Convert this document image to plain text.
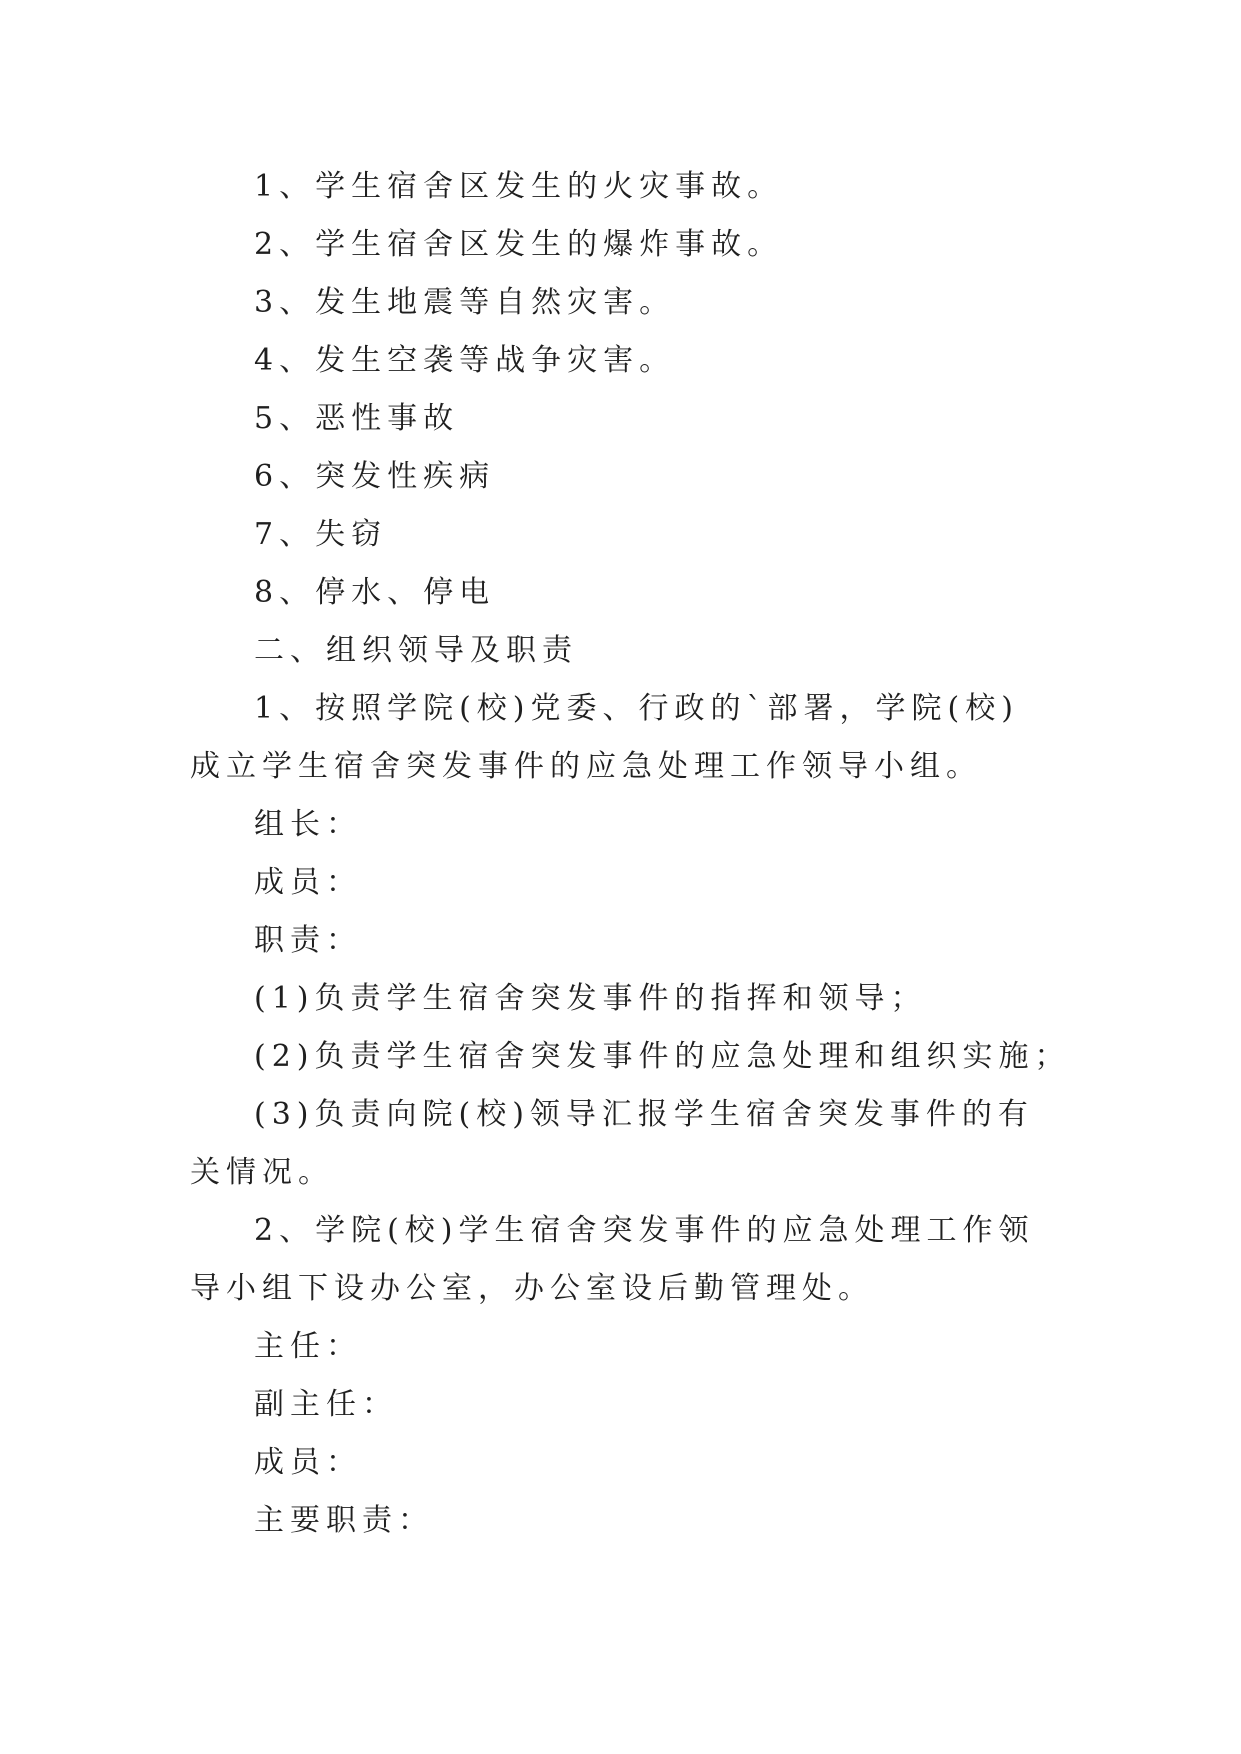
1、学生宿舍区发生的火灾事故。
2、学生宿舍区发生的爆炸事故。
3、发生地震等自然灾害。
4、发生空袭等战争灾害。
5、恶性事故
6、突发性疾病
7、失窃
8、停水、停电
二、组织领导及职责
1、按照学院(校)党委、行政的`部署，学院(校)成立学生宿舍突发事件的应急处理工作领导小组。
组长：
成员：
职责：
(1)负责学生宿舍突发事件的指挥和领导；
(2)负责学生宿舍突发事件的应急处理和组织实施；
(3)负责向院(校)领导汇报学生宿舍突发事件的有关情况。
2、学院(校)学生宿舍突发事件的应急处理工作领导小组下设办公室，办公室设后勤管理处。
主任：
副主任：
成员：
主要职责：
